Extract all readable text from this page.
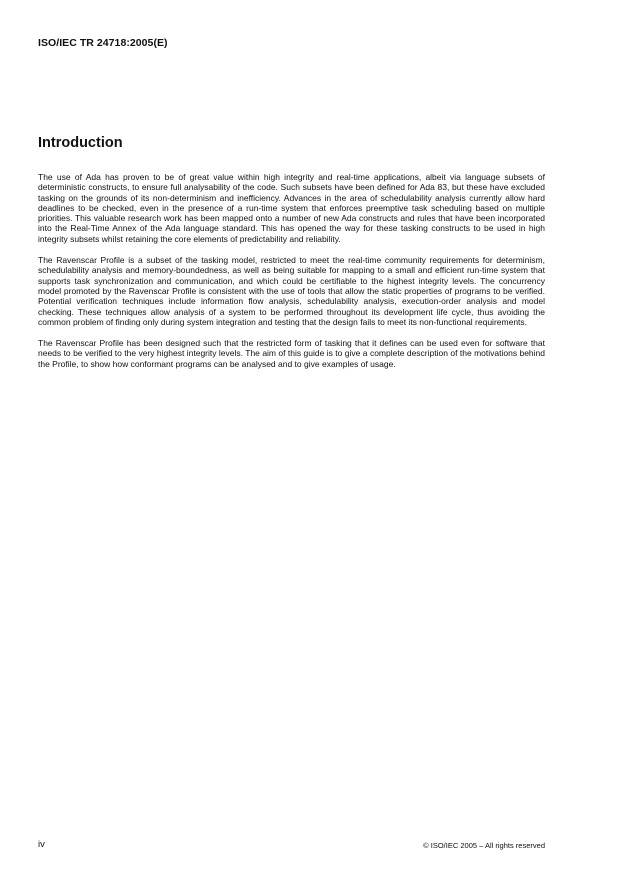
ISO/IEC TR 24718:2005(E)
Introduction

The use of Ada has proven to be of great value within high integrity and real-time applications, albeit via language subsets of deterministic constructs, to ensure full analysability of the code. Such subsets have been defined for Ada 83, but these have excluded tasking on the grounds of its non-determinism and inefficiency. Advances in the area of schedulability analysis currently allow hard deadlines to be checked, even in the presence of a run-time system that enforces preemptive task scheduling based on multiple priorities. This valuable research work has been mapped onto a number of new Ada constructs and rules that have been incorporated into the Real-Time Annex of the Ada language standard. This has opened the way for these tasking constructs to be used in high integrity subsets whilst retaining the core elements of predictability and reliability.

The Ravenscar Profile is a subset of the tasking model, restricted to meet the real-time community requirements for determinism, schedulability analysis and memory-boundedness, as well as being suitable for mapping to a small and efficient run-time system that supports task synchronization and communication, and which could be certifiable to the highest integrity levels. The concurrency model promoted by the Ravenscar Profile is consistent with the use of tools that allow the static properties of programs to be verified. Potential verification techniques include information flow analysis, schedulability analysis, execution-order analysis and model checking. These techniques allow analysis of a system to be performed throughout its development life cycle, thus avoiding the common problem of finding only during system integration and testing that the design fails to meet its non-functional requirements.

The Ravenscar Profile has been designed such that the restricted form of tasking that it defines can be used even for software that needs to be verified to the very highest integrity levels. The aim of this guide is to give a complete description of the motivations behind the Profile, to show how conformant programs can be analysed and to give examples of usage.

iv	© ISO/IEC 2005 – All rights reserved
